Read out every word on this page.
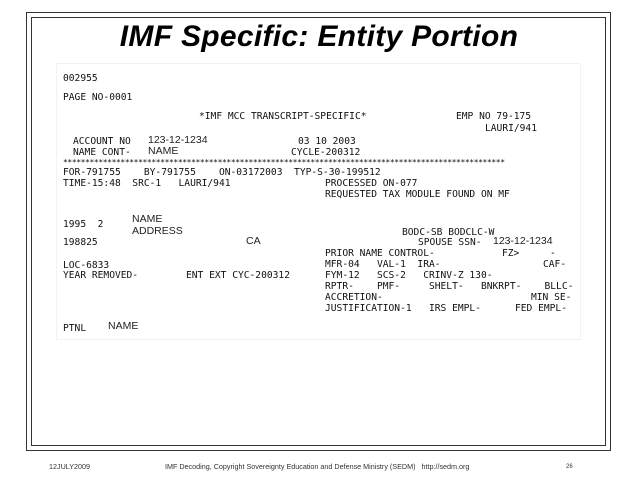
IMF Specific: Entity Portion
002955
PAGE NO-0001
*IMF MCC TRANSCRIPT-SPECIFIC*	EMP NO 79-175
LAURI/941
ACCOUNT NO 123-12-1234	03 10 2003
NAME CONT- NAME	CYCLE-200312
****************************************************************************************************
FOR-791755    BY-791755    ON-03172003  TYP-S-30-199512
TIME-15:48  SRC-1   LAURI/941	PROCESSED ON-077
REQUESTED TAX MODULE FOUND ON MF
1995  2	NAME
ADDRESS	BODC-SB BODCLC-W
198825	CA	SPOUSE SSN- 123-12-1234
PRIOR NAME CONTROL-	FZ>	-
LOC-6833	MFR-04   VAL-1  IRA-	CAF-
YEAR REMOVED-	ENT EXT CYC-200312	FYM-12   SCS-2   CRINV-Z 130-
RPTR-    PMF-     SHELT-   BNKRPT-    BLLC-
ACCRETION-	MIN SE-
JUSTIFICATION-1   IRS EMPL-	FED EMPL-
PTNL NAME
12JULY2009	IMF Decoding, Copyright Sovereignty Education and Defense Ministry (SEDM)   http://sedm.org	26
